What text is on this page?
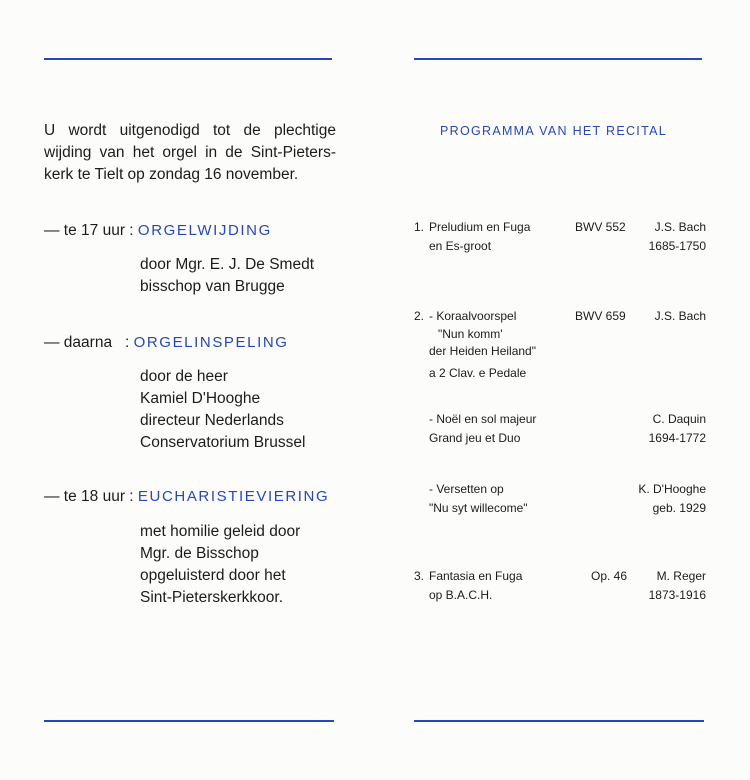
U wordt uitgenodigd tot de plechtige
wijding van het orgel in de Sint-Pieters-
kerk te Tielt op zondag 16 november.

— te 17 uur : ORGELWIJDING
door Mgr. E. J. De Smedt
bisschop van Brugge
— daarna   : ORGELINSPELING
door de heer
Kamiel D'Hooghe
directeur Nederlands
Conservatorium Brussel
— te 18 uur : EUCHARISTIEVIERING
met homilie geleid door
Mgr. de Bisschop
opgeluisterd door het
Sint-Pieterskerkkoor.
PROGRAMMA VAN HET RECITAL
1. Preludium en Fuga
en Es-groot
BWV 552	J.S. Bach
1685-1750
2. - Koraalvoorspel
"Nun komm'
der Heiden Heiland"
a 2 Clav. e Pedale
BWV 659 J.S. Bach
- Noël en sol majeur
Grand jeu et Duo
C. Daquin
1694-1772
- Versetten op
"Nu syt willecome"
K. D'Hooghe
geb. 1929
3. Fantasia en Fuga
op B.A.C.H.
Op. 46	M. Reger
1873-1916
